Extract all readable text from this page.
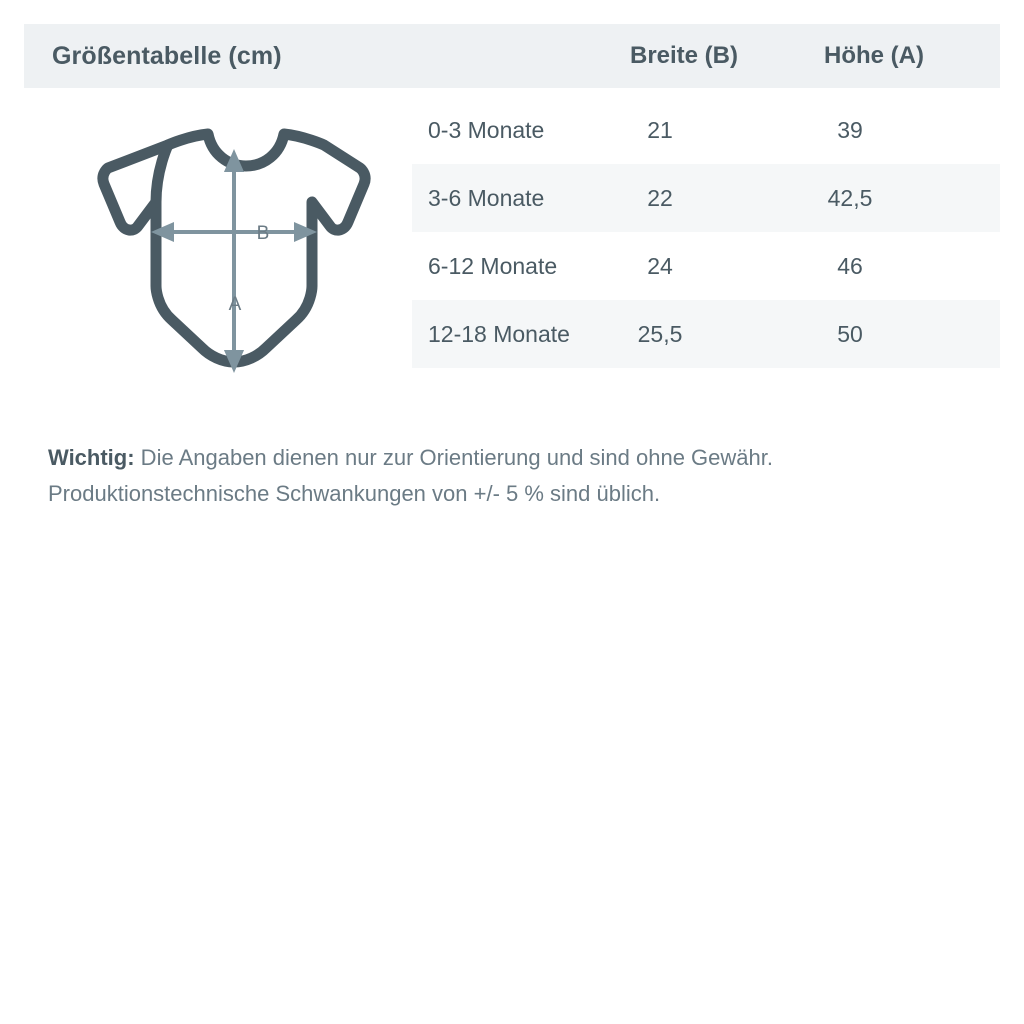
Größentabelle (cm)	Breite (B)	Höhe (A)
A
B
0-3 Monate	21	39
3-6 Monate	22	42,5
6-12 Monate	24	46
12-18 Monate	25,5	50
Wichtig: Die Angaben dienen nur zur Orientierung und sind ohne Gewähr.
Produktionstechnische Schwankungen von +/- 5 % sind üblich.
